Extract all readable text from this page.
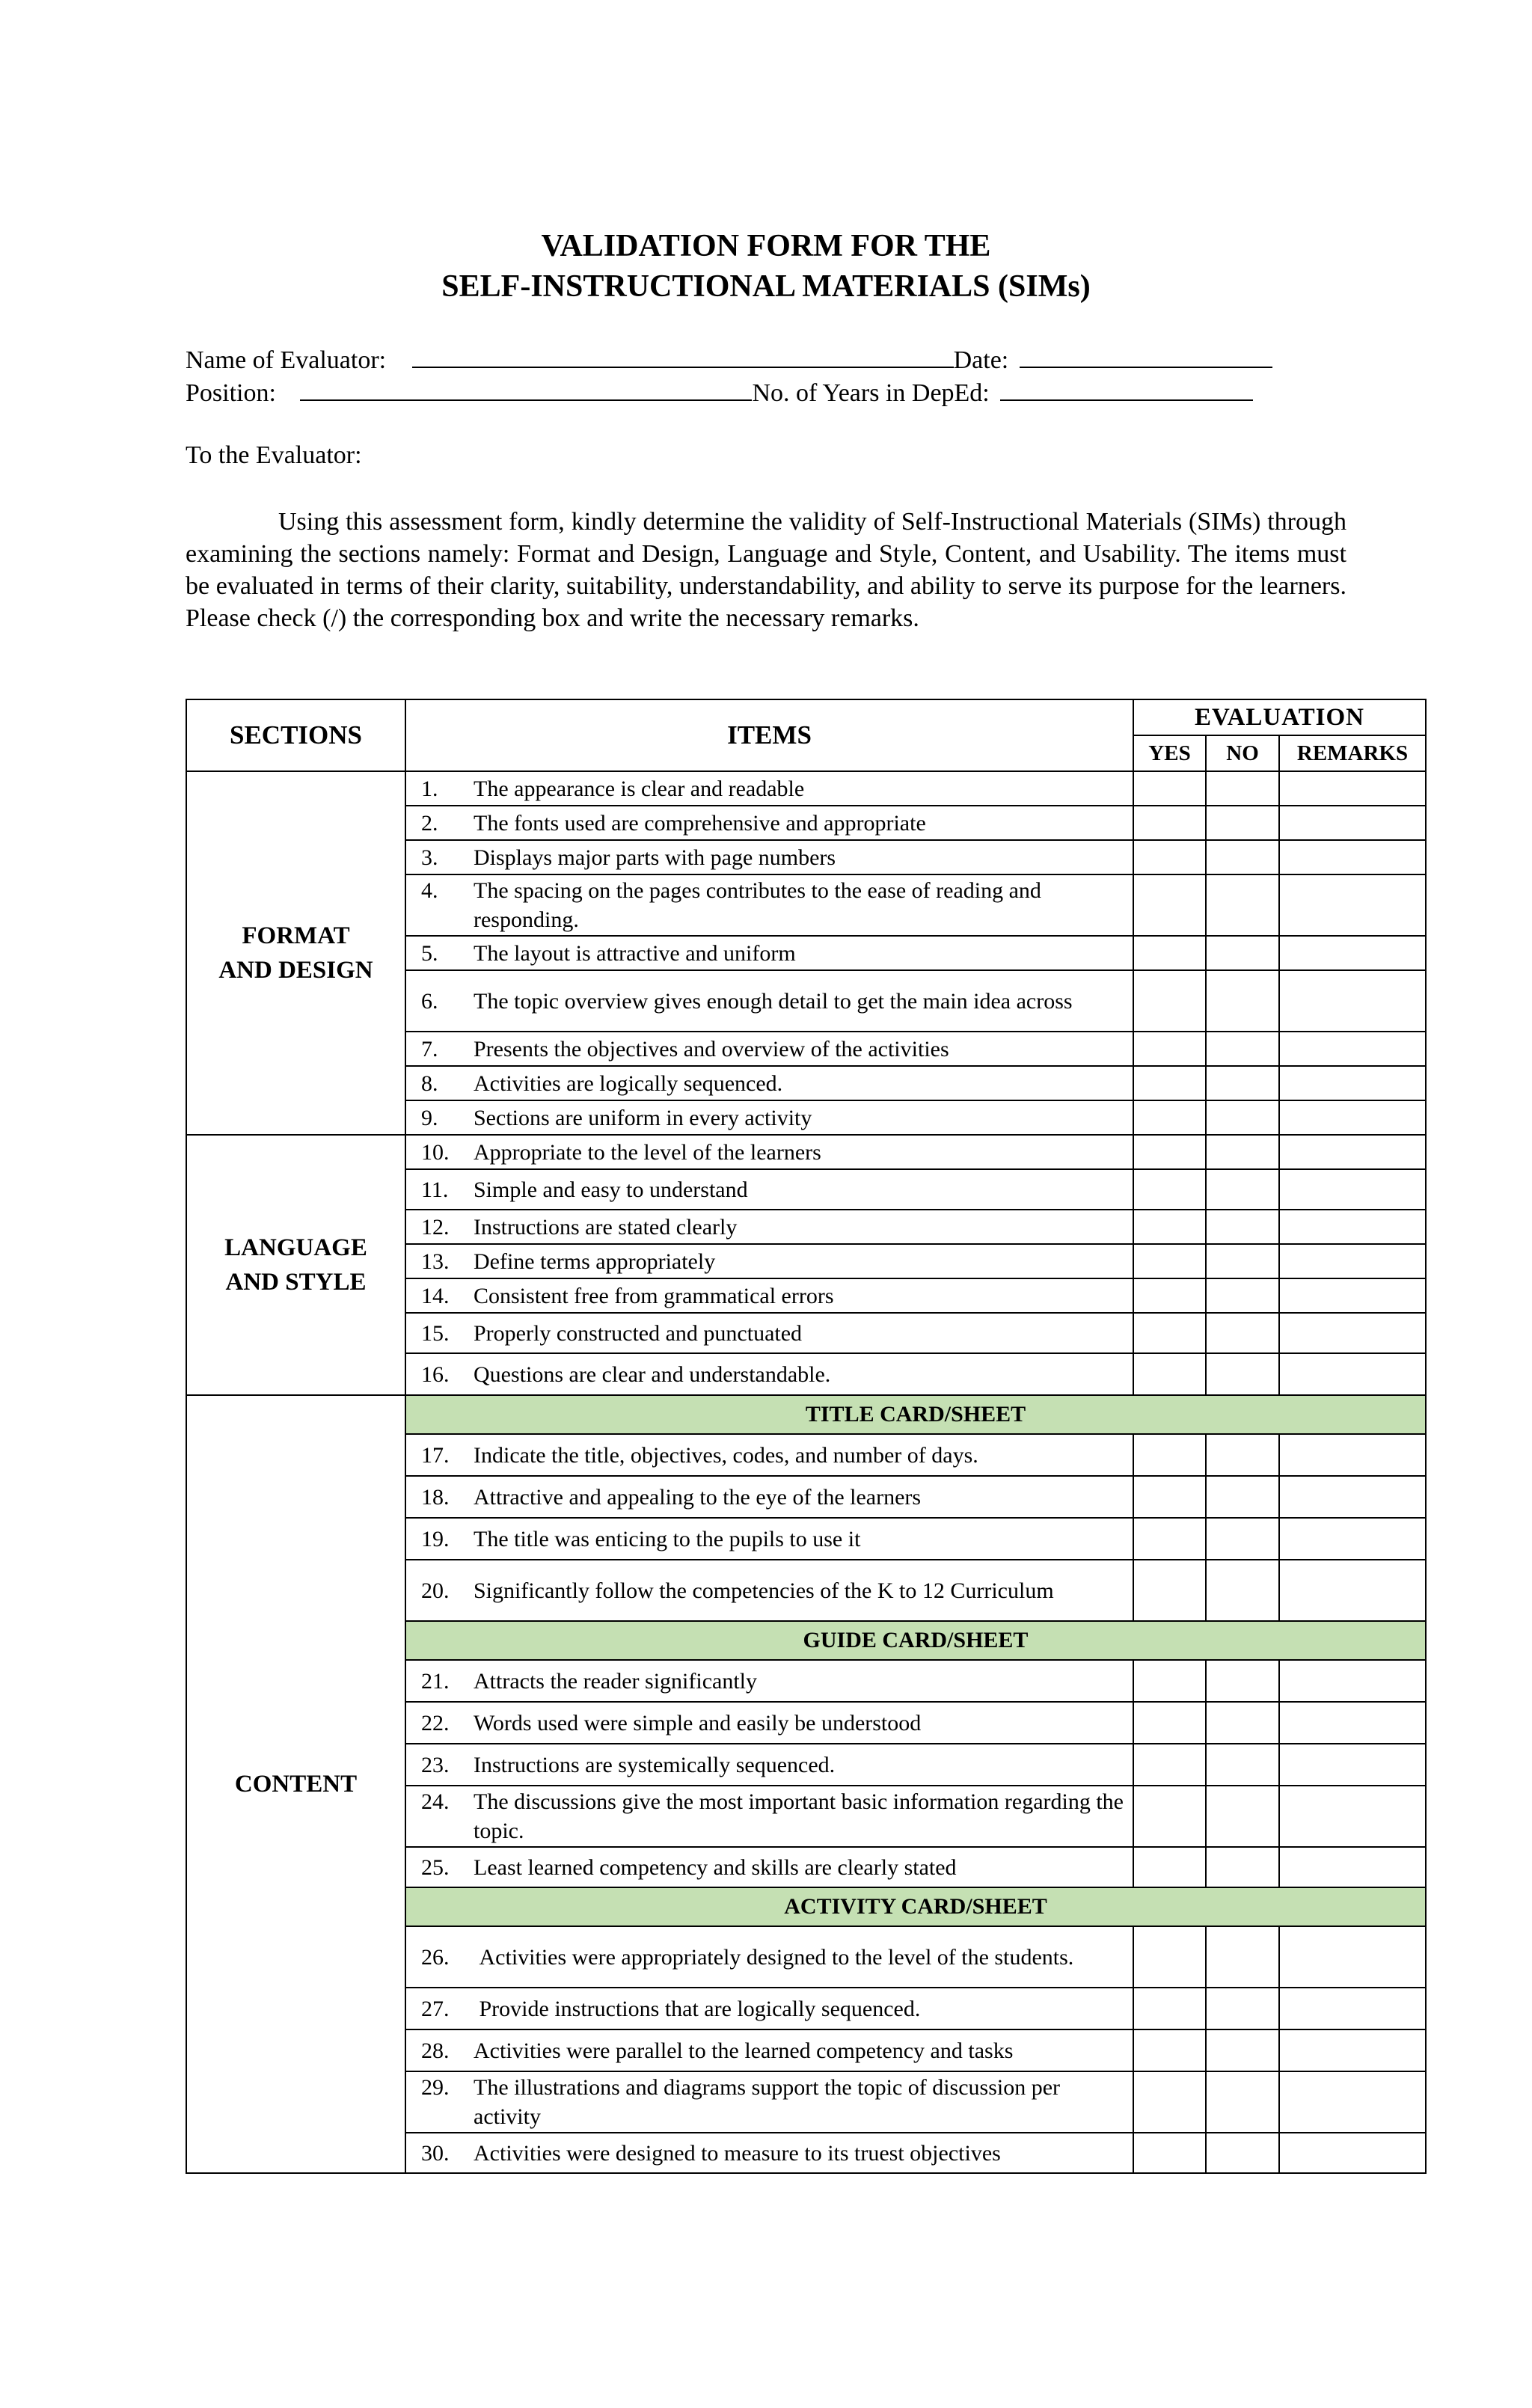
VALIDATION FORM FOR THE
SELF-INSTRUCTIONAL MATERIALS (SIMs)
Name of Evaluator:	Date:
Position:	No. of Years in DepEd:
To the Evaluator:

Using this assessment form, kindly determine the validity of Self-Instructional Materials (SIMs) through examining the sections namely: Format and Design, Language and Style, Content, and Usability. The items must be evaluated in terms of their clarity, suitability, understandability, and ability to serve its purpose for the learners. Please check (/) the corresponding box and write the necessary remarks.

SECTIONS	ITEMS	EVALUATION		
		YES	NO	REMARKS

FORMAT AND DESIGN	1. The appearance is clear and readable			

	2. The fonts used are comprehensive and appropriate			

	3. Displays major parts with page numbers			

	4. The spacing on the pages contributes to the ease of reading and responding.			

	5. The layout is attractive and uniform			

	6. The topic overview gives enough detail to get the main idea across			

	7. Presents the objectives and overview of the activities			

	8. Activities are logically sequenced.			

	9. Sections are uniform in every activity			

LANGUAGE AND STYLE	10. Appropriate to the level of the learners			

	11. Simple and easy to understand			

	12. Instructions are stated clearly			

	13. Define terms appropriately			

	14. Consistent free from grammatical errors			

	15. Properly constructed and punctuated			

	16. Questions are clear and understandable.			

CONTENT	TITLE CARD/SHEET			

	17. Indicate the title, objectives, codes, and number of days.			

	18. Attractive and appealing to the eye of the learners			

	19. The title was enticing to the pupils to use it			

	20. Significantly follow the competencies of the K to 12 Curriculum			

	GUIDE CARD/SHEET			

	21. Attracts the reader significantly			

	22. Words used were simple and easily be understood			

	23. Instructions are systemically sequenced.			

	24. The discussions give the most important basic information regarding the topic.			

	25. Least learned competency and skills are clearly stated			

	ACTIVITY CARD/SHEET			

	26. Activities were appropriately designed to the level of the students.			

	27. Provide instructions that are logically sequenced.			

	28. Activities were parallel to the learned competency and tasks			

	29. The illustrations and diagrams support the topic of discussion per activity			

	30. Activities were designed to measure to its truest objectives			
